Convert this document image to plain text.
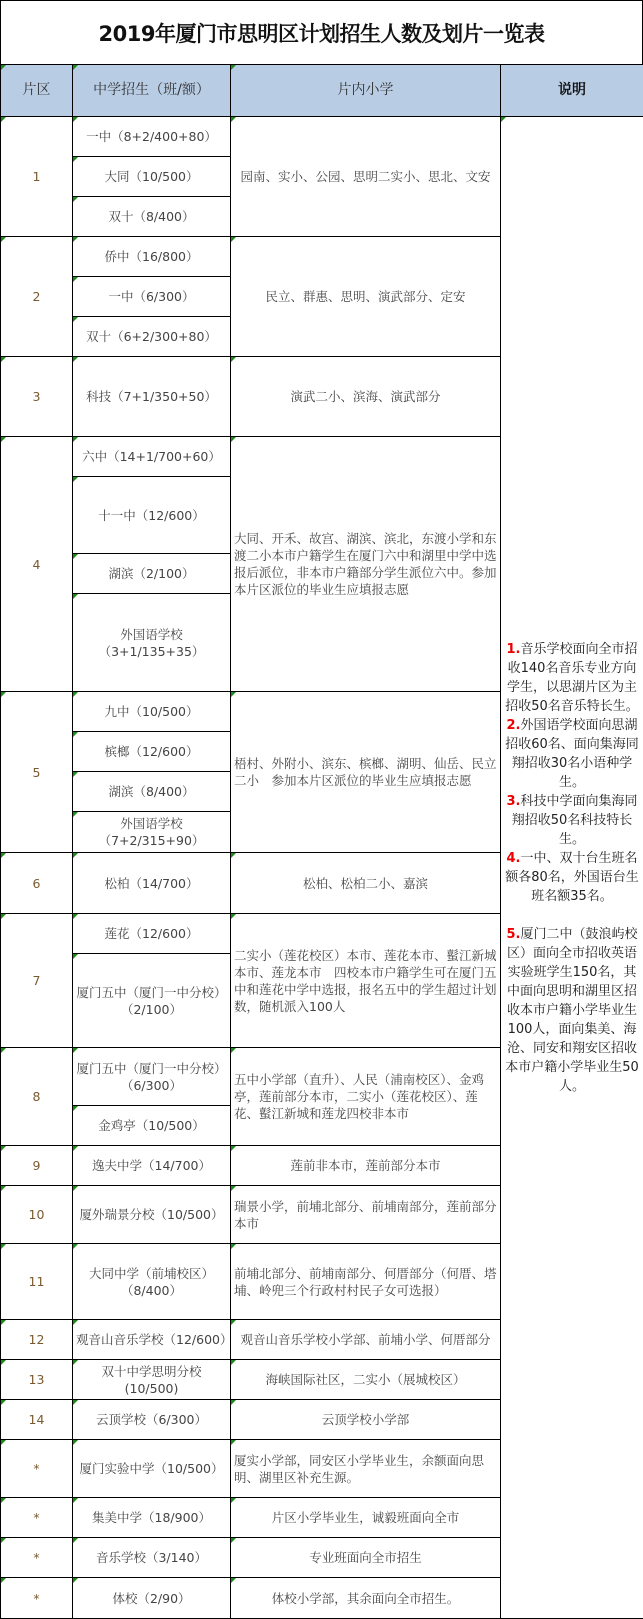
2019年厦门市思明区计划招生人数及划片一览表
片区	中学招生（班/额）	片内小学	说明
1	一中（8+2/400+80）	园南、实小、公园、思明二实小、思北、文安	1.音乐学校面向全市招收140名音乐专业方向学生，以思湖片区为主招收50名音乐特长生。
2.外国语学校面向思湖招收60名、面向集海同翔招收30名小语种学生。
3.科技中学面向集海同翔招收50名科技特长生。
4.一中、双十台生班名额各80名，外国语台生班名额35名。
5.厦门二中（鼓浪屿校区）面向全市招收英语实验班学生150名，其中面向思明和湖里区招收本市户籍小学毕业生100人，面向集美、海沧、同安和翔安区招收本市户籍小学毕业生50人。

	大同（10/500）		
	双十（8/400）		
2	侨中（16/800）	民立、群惠、思明、演武部分、定安	
	一中（6/300）		
	双十（6+2/300+80）		
3	科技（7+1/350+50）	演武二小、滨海、演武部分	
4	六中（14+1/700+60）	大同、开禾、故宫、湖滨、滨北，东渡小学和东渡二小本市户籍学生在厦门六中和湖里中学中选报后派位，非本市户籍部分学生派位六中。参加本片区派位的毕业生应填报志愿	
	十一中（12/600）		
	湖滨（2/100）		
	外国语学校（3+1/135+35）		
5	九中（10/500）	梧村、外附小、滨东、槟榔、湖明、仙岳、民立二小　参加本片区派位的毕业生应填报志愿	
	槟榔（12/600）		
	湖滨（8/400）		
	外国语学校（7+2/315+90）		
6	松柏（14/700）	松柏、松柏二小、嘉滨	
7	莲花（12/600）	二实小（莲花校区）本市、莲花本市、蟚江新城本市、莲龙本市　四校本市户籍学生可在厦门五中和莲花中学中选报，报名五中的学生超过计划数，随机派入100人	
	厦门五中（厦门一中分校）（2/100）		
8	厦门五中（厦门一中分校）（6/300）	五中小学部（直升）、人民（浦南校区）、金鸡亭，莲前部分本市，二实小（莲花校区）、莲花、蟚江新城和莲龙四校非本市	
	金鸡亭（10/500）		
9	逸夫中学（14/700）	莲前非本市，莲前部分本市	
10	厦外瑞景分校（10/500）	瑞景小学，前埔北部分、前埔南部分，莲前部分本市	
11	大同中学（前埔校区）（8/400）	前埔北部分、前埔南部分、何厝部分（何厝、塔埔、岭兜三个行政村村民子女可选报）	
12	观音山音乐学校（12/600）	观音山音乐学校小学部、前埔小学、何厝部分	
13	双十中学思明分校(10/500)	海峡国际社区，二实小（展城校区）	
14	云顶学校（6/300）	云顶学校小学部	
*	厦门实验中学（10/500）	厦实小学部，同安区小学毕业生，余额面向思明、湖里区补充生源。	
*	集美中学（18/900）	片区小学毕业生，诚毅班面向全市	
*	音乐学校（3/140）	专业班面向全市招生	
*	体校（2/90）	体校小学部，其余面向全市招生。	
